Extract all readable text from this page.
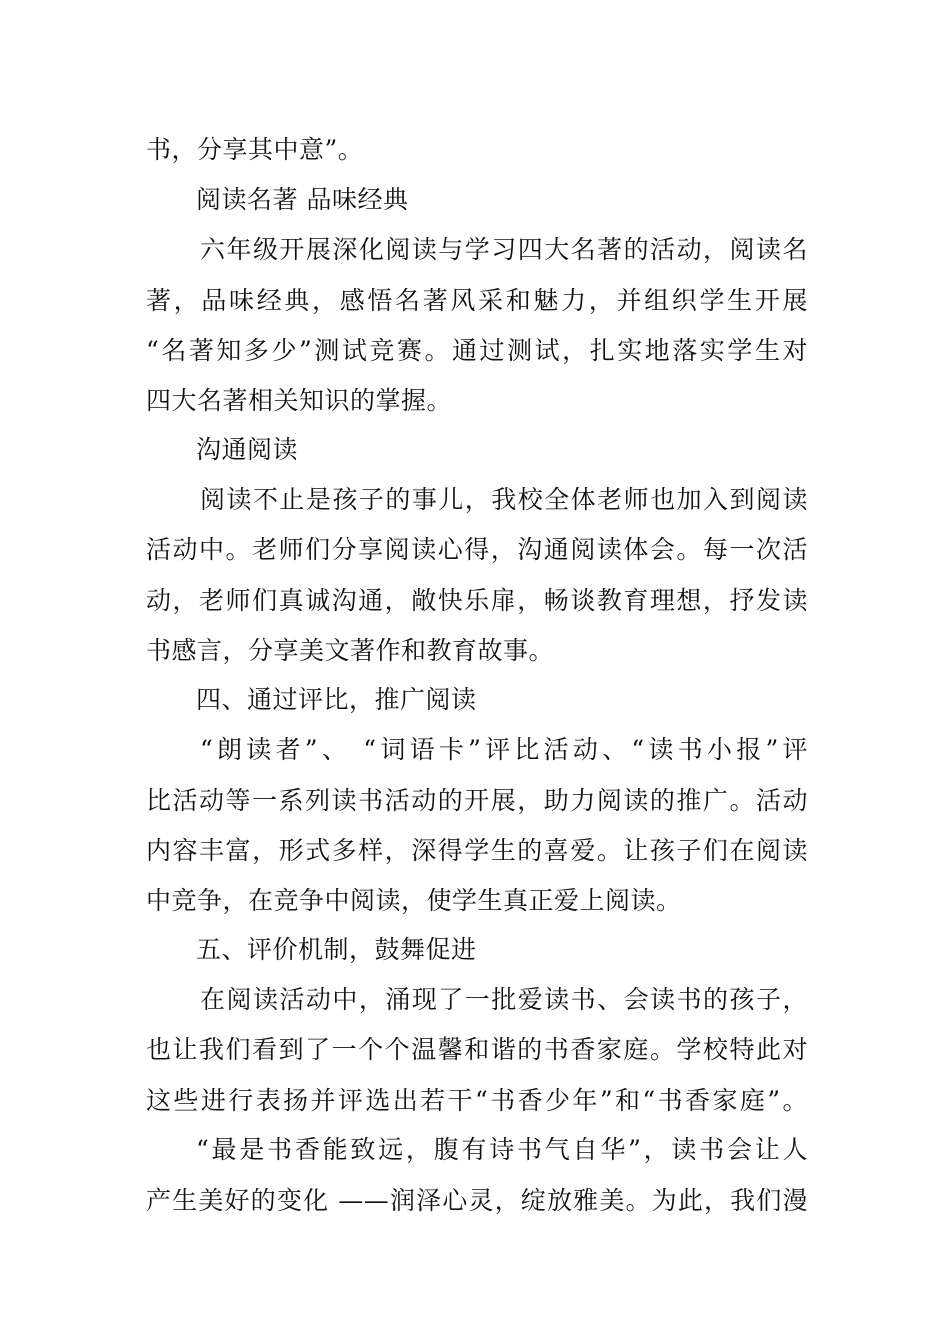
书，分享其中意”。
阅读名著 品味经典
六年级开展深化阅读与学习四大名著的活动，阅读名
著，品味经典，感悟名著风采和魅力，并组织学生开展
“名著知多少”测试竞赛。通过测试，扎实地落实学生对
四大名著相关知识的掌握。
沟通阅读
阅读不止是孩子的事儿，我校全体老师也加入到阅读
活动中。老师们分享阅读心得，沟通阅读体会。每一次活
动，老师们真诚沟通，敞快乐扉，畅谈教育理想，抒发读
书感言，分享美文著作和教育故事。
四、通过评比，推广阅读
“朗读者”、 “词语卡”评比活动、“读书小报”评
比活动等一系列读书活动的开展，助力阅读的推广。活动
内容丰富，形式多样，深得学生的喜爱。让孩子们在阅读
中竞争，在竞争中阅读，使学生真正爱上阅读。
五、评价机制，鼓舞促进
在阅读活动中，涌现了一批爱读书、会读书的孩子，
也让我们看到了一个个温馨和谐的书香家庭。学校特此对
这些进行表扬并评选出若干“书香少年”和“书香家庭”。
“最是书香能致远，腹有诗书气自华”，读书会让人
产生美好的变化 ——润泽心灵，绽放雅美。为此，我们漫
